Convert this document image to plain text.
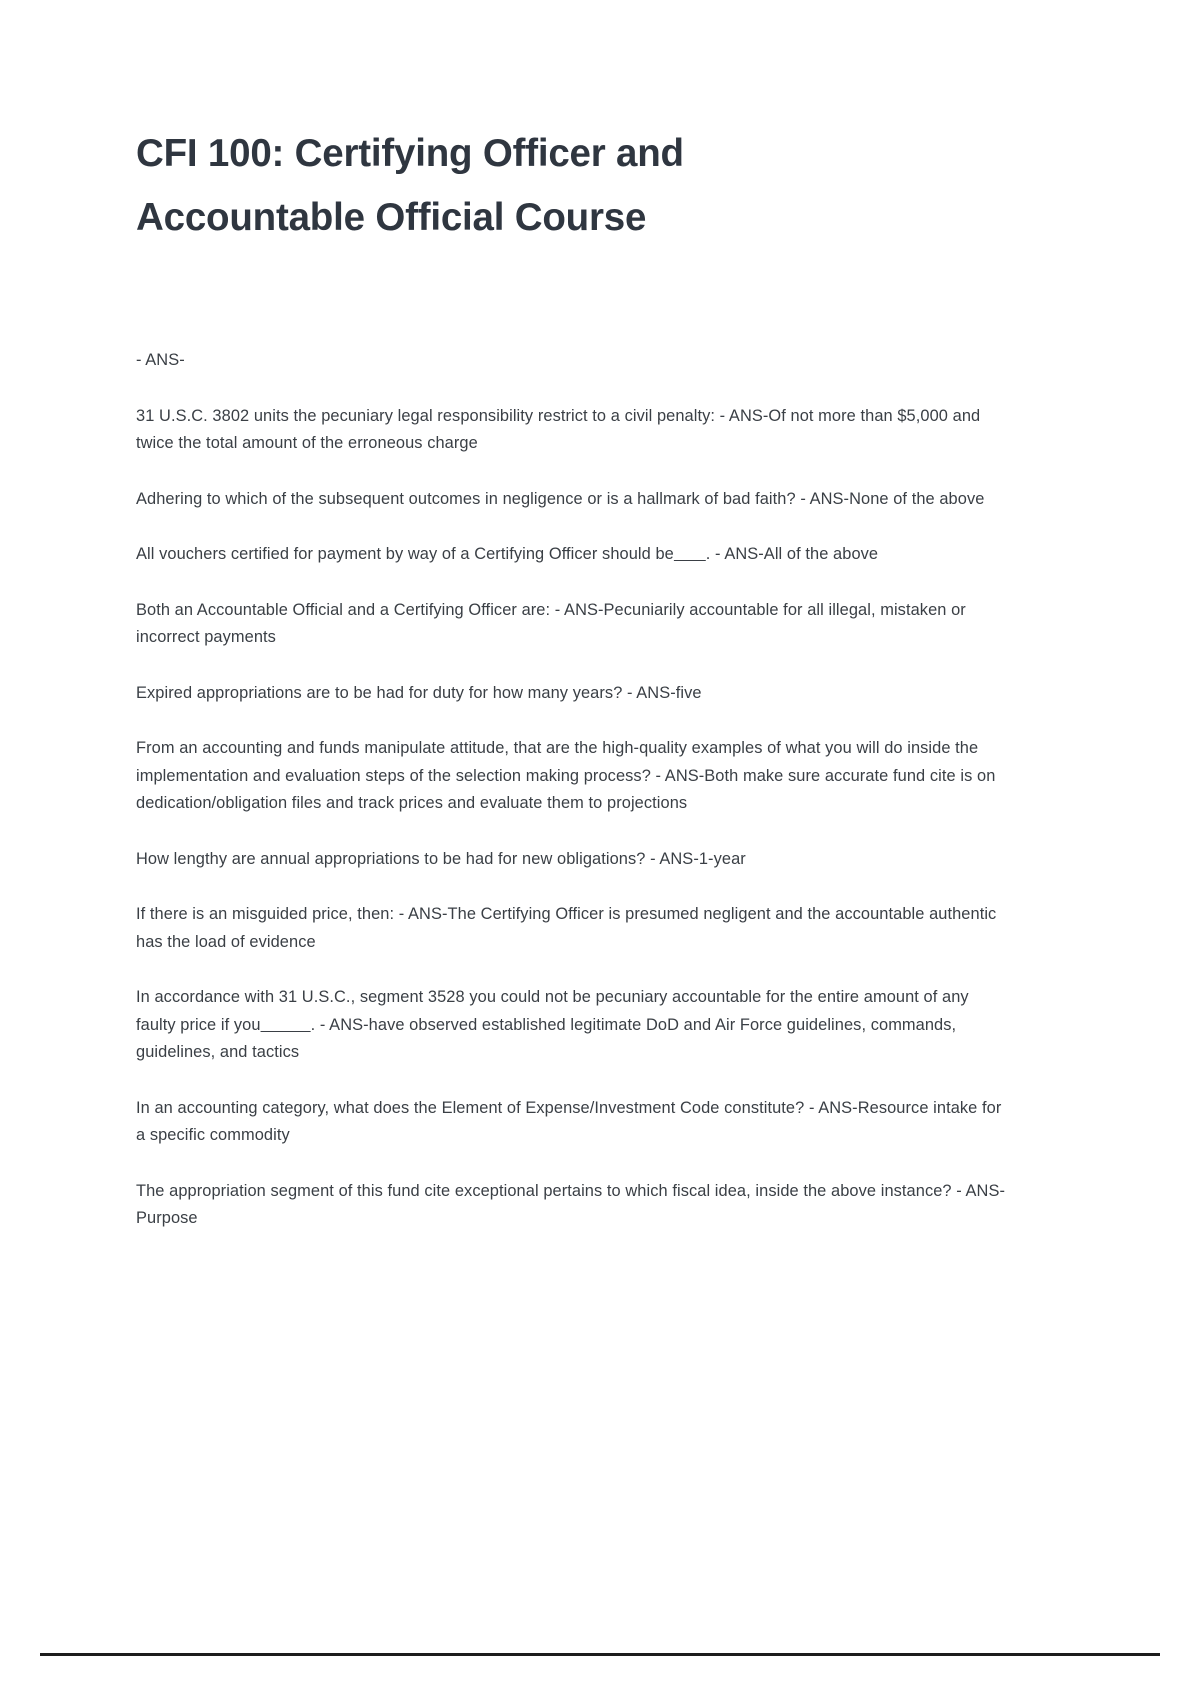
CFI 100: Certifying Officer and Accountable Official Course

- ANS-

31 U.S.C. 3802 units the pecuniary legal responsibility restrict to a civil penalty: - ANS-Of not more than $5,000 and twice the total amount of the erroneous charge

Adhering to which of the subsequent outcomes in negligence or is a hallmark of bad faith? - ANS-None of the above

All vouchers certified for payment by way of a Certifying Officer should be . - ANS-All of the above

Both an Accountable Official and a Certifying Officer are: - ANS-Pecuniarily accountable for all illegal, mistaken or incorrect payments

Expired appropriations are to be had for duty for how many years? - ANS-five

From an accounting and funds manipulate attitude, that are the high-quality examples of what you will do inside the implementation and evaluation steps of the selection making process? - ANS-Both make sure accurate fund cite is on dedication/obligation files and track prices and evaluate them to projections

How lengthy are annual appropriations to be had for new obligations? - ANS-1-year

If there is an misguided price, then: - ANS-The Certifying Officer is presumed negligent and the accountable authentic has the load of evidence

In accordance with 31 U.S.C., segment 3528 you could not be pecuniary accountable for the entire amount of any faulty price if you	. - ANS-have observed established legitimate DoD and Air Force guidelines, commands, guidelines, and tactics

In an accounting category, what does the Element of Expense/Investment Code constitute? - ANS-Resource intake for a specific commodity

The appropriation segment of this fund cite exceptional pertains to which fiscal idea, inside the above instance? - ANS-Purpose
